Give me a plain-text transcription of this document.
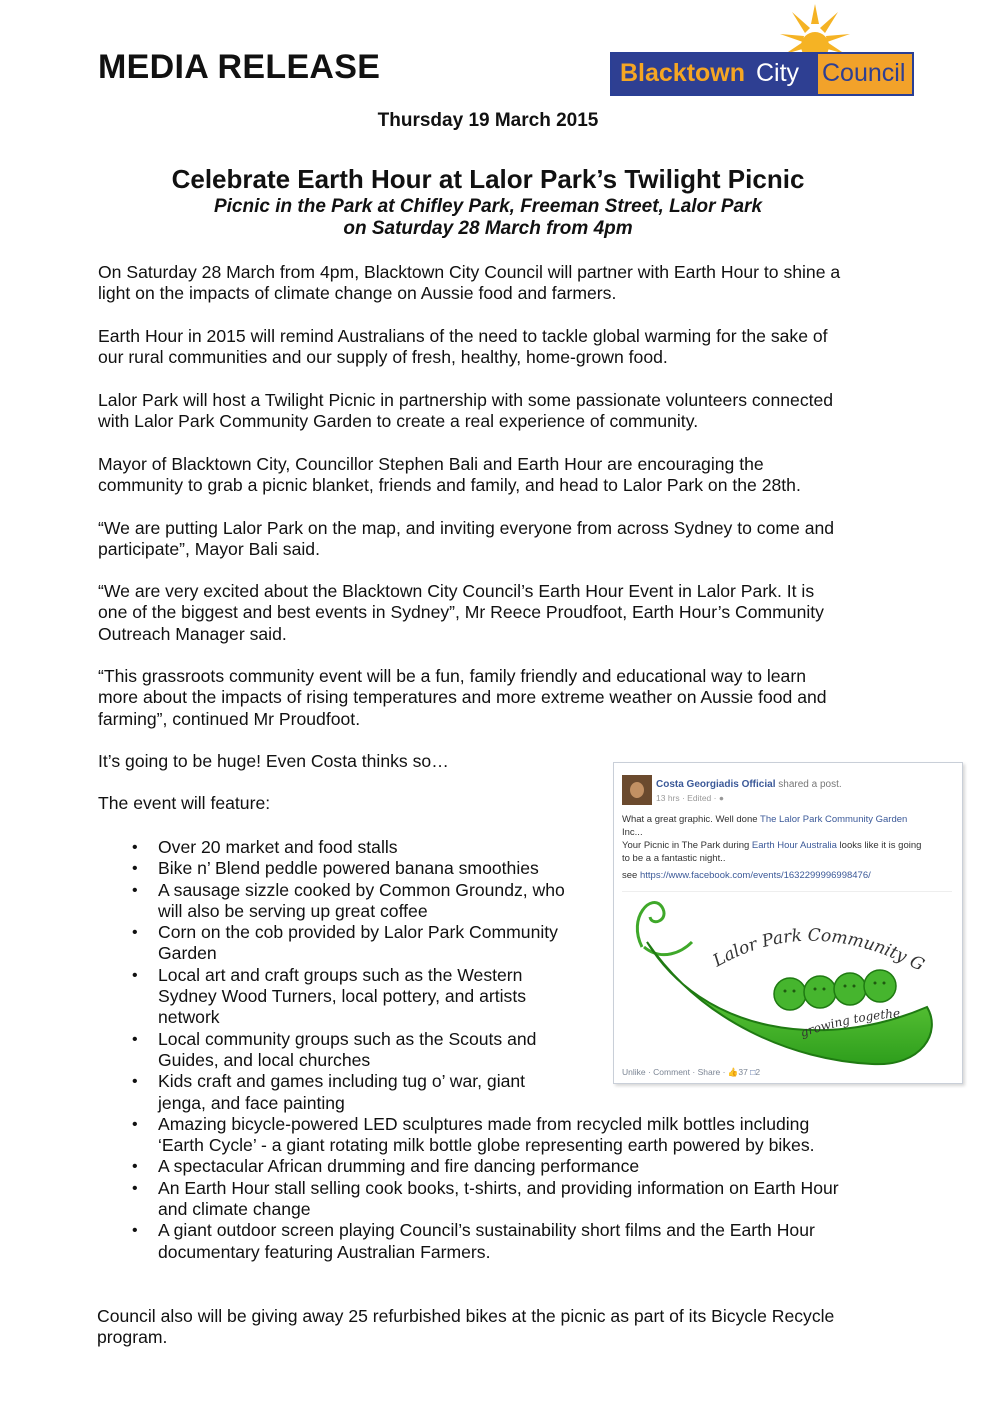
MEDIA RELEASE	Blacktown City Council
Thursday 19 March 2015
Celebrate Earth Hour at Lalor Park’s Twilight Picnic
Picnic in the Park at Chifley Park, Freeman Street, Lalor Park
on Saturday 28 March from 4pm
On Saturday 28 March from 4pm, Blacktown City Council will partner with Earth Hour to shine a
light on the impacts of climate change on Aussie food and farmers.
Earth Hour in 2015 will remind Australians of the need to tackle global warming for the sake of
our rural communities and our supply of fresh, healthy, home-grown food.
Lalor Park will host a Twilight Picnic in partnership with some passionate volunteers connected
with Lalor Park Community Garden to create a real experience of community.
Mayor of Blacktown City, Councillor Stephen Bali and Earth Hour are encouraging the
community to grab a picnic blanket, friends and family, and head to Lalor Park on the 28th.
“We are putting Lalor Park on the map, and inviting everyone from across Sydney to come and
participate”, Mayor Bali said.
“We are very excited about the Blacktown City Council’s Earth Hour Event in Lalor Park. It is
one of the biggest and best events in Sydney”, Mr Reece Proudfoot, Earth Hour’s Community
Outreach Manager said.
“This grassroots community event will be a fun, family friendly and educational way to learn
more about the impacts of rising temperatures and more extreme weather on Aussie food and
farming”, continued Mr Proudfoot.
It’s going to be huge! Even Costa thinks so…
The event will feature:
• Over 20 market and food stalls
• Bike n’ Blend peddle powered banana smoothies
• A sausage sizzle cooked by Common Groundz, who
will also be serving up great coffee
• Corn on the cob provided by Lalor Park Community
Garden
• Local art and craft groups such as the Western
Sydney Wood Turners, local pottery, and artists
network
• Local community groups such as the Scouts and
Guides, and local churches
• Kids craft and games including tug o’ war, giant
jenga, and face painting
• Amazing bicycle-powered LED sculptures made from recycled milk bottles including
‘Earth Cycle’ - a giant rotating milk bottle globe representing earth powered by bikes.
• A spectacular African drumming and fire dancing performance
• An Earth Hour stall selling cook books, t-shirts, and providing information on Earth Hour
and climate change
• A giant outdoor screen playing Council’s sustainability short films and the Earth Hour
documentary featuring Australian Farmers.
Council also will be giving away 25 refurbished bikes at the picnic as part of its Bicycle Recycle
program.
Costa Georgiadis Official shared a post.
13 hrs · Edited · ●
What a great graphic. Well done The Lalor Park Community Garden
Inc...
Your Picnic in The Park during Earth Hour Australia looks like it is going
to be a a fantastic night..
see https://www.facebook.com/events/1632299996998476/
Lalor Park Community G
growing togethe
Unlike · Comment · Share · 👍37 □2
